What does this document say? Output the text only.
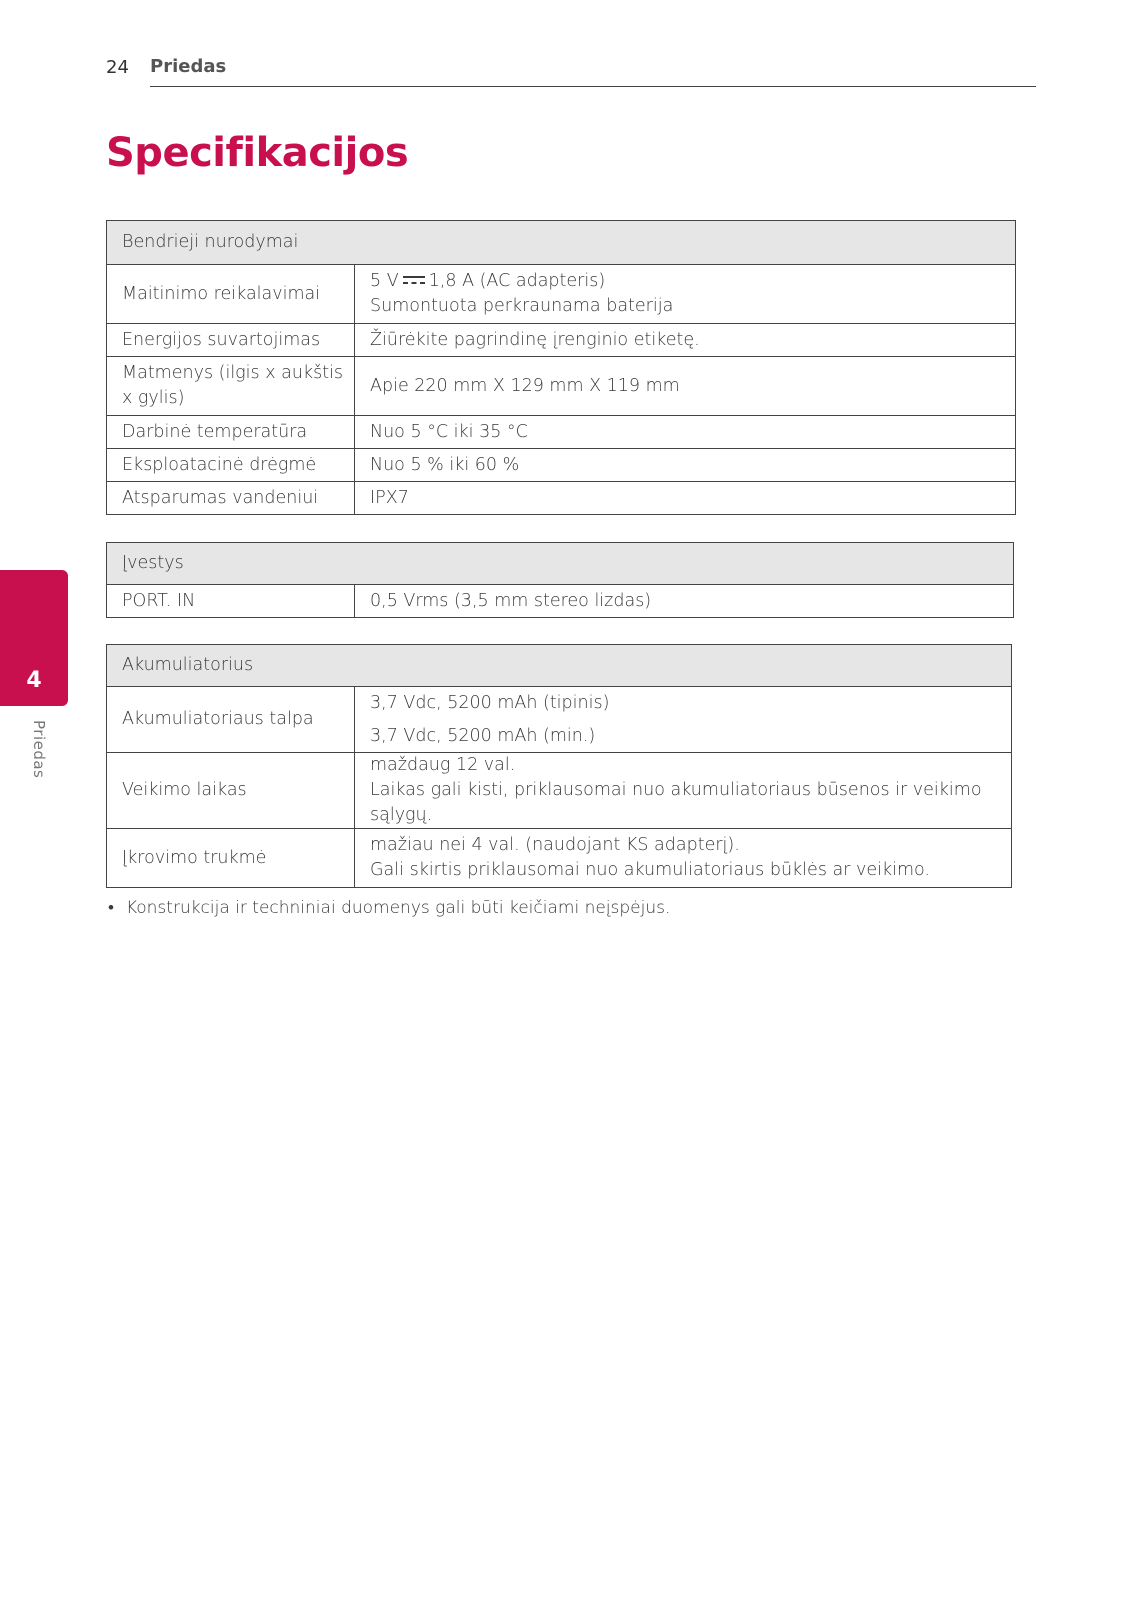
24 Priedas
Specifikacijos
Bendrieji nurodymai	
Maitinimo reikalavimai	5 V 1,8 A (AC adapteris)
Sumontuota perkraunama baterija

Energijos suvartojimas	Žiūrėkite pagrindinę įrenginio etiketę.
Matmenys (ilgis x aukštis x gylis)	Apie 220 mm X 129 mm X 119 mm
Darbinė temperatūra	Nuo 5 °C iki 35 °C
Eksploatacinė drėgmė	Nuo 5 % iki 60 %
Atsparumas vandeniui	IPX7
Įvestys
PORT. IN	0,5 Vrms (3,5 mm stereo lizdas)
Akumuliatorius	
Akumuliatoriaus talpa	3,7 Vdc, 5200 mAh (tipinis)
3,7 Vdc, 5200 mAh (min.)

Veikimo laikas	maždaug 12 val.
Laikas gali kisti, priklausomai nuo akumuliatoriaus būsenos ir veikimo sąlygų.

Įkrovimo trukmė	mažiau nei 4 val. (naudojant KS adapterį).
Gali skirtis priklausomai nuo akumuliatoriaus būklės ar veikimo.
• Konstrukcija ir techniniai duomenys gali būti keičiami neįspėjus.
4
Priedas
